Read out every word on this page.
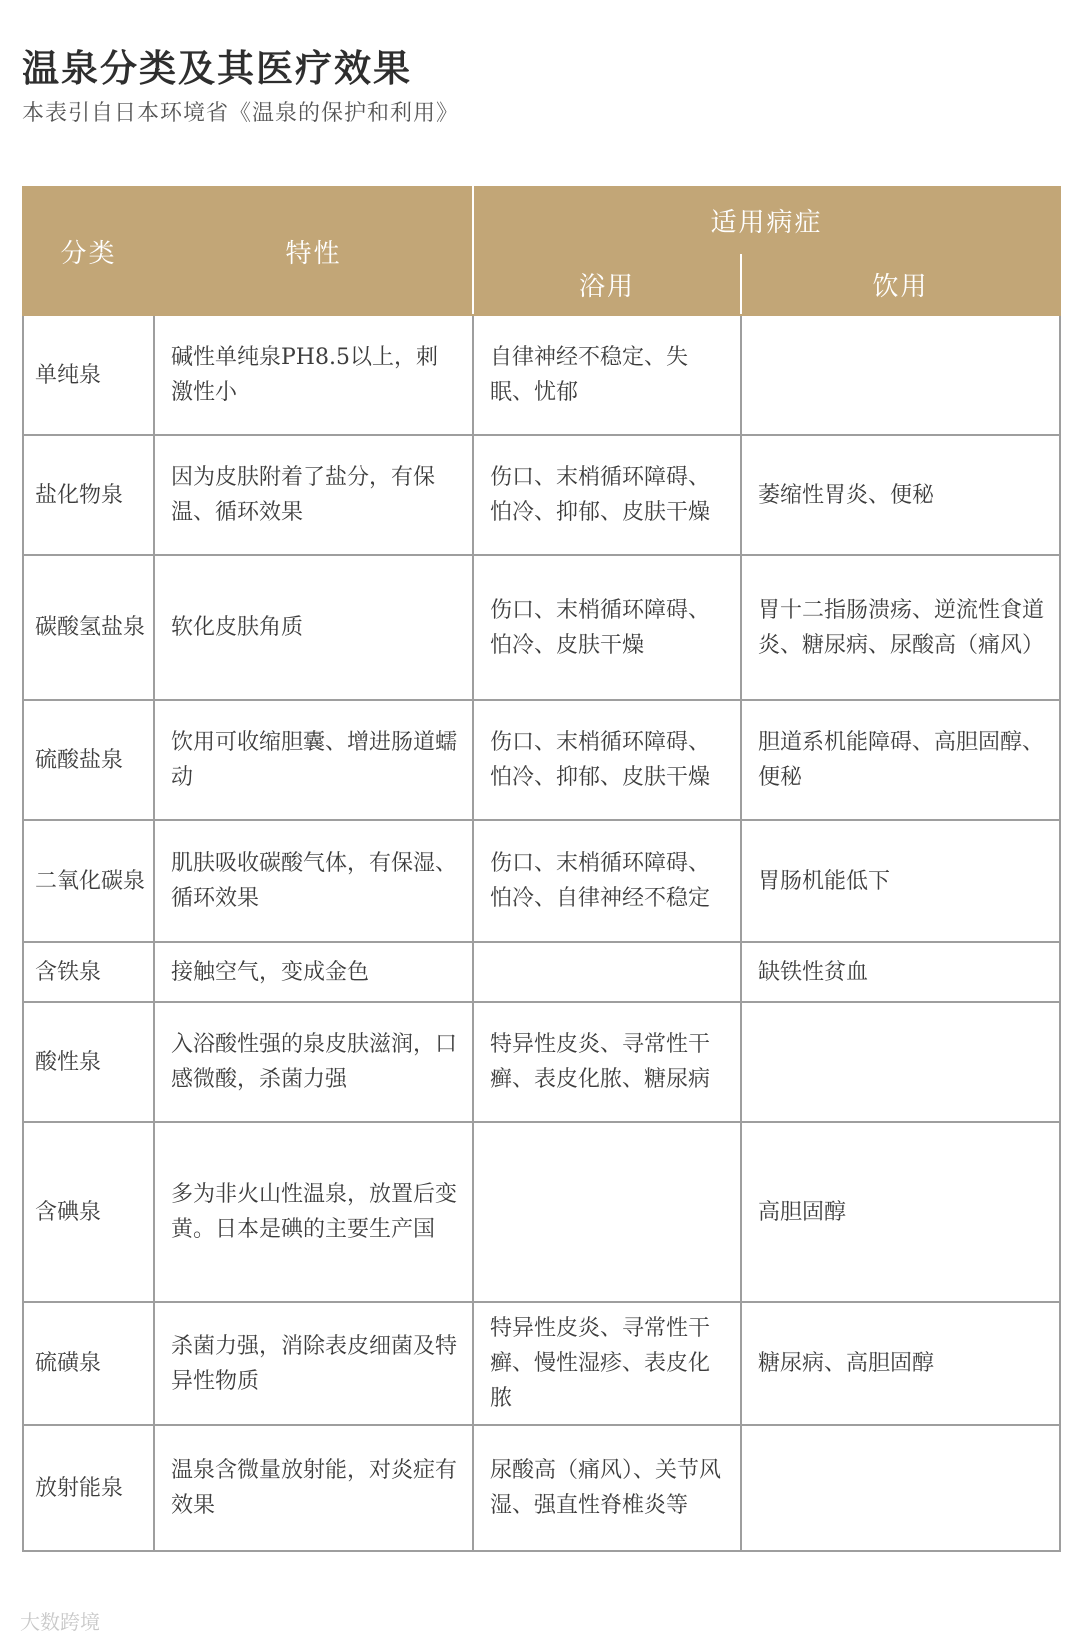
温泉分类及其医疗效果

本表引自日本环境省《温泉的保护和利用》

分类	特性	适用病症	
		浴用	饮用
单纯泉	碱性单纯泉PH8.5以上，刺激性小	自律神经不稳定、失眠、忧郁	
盐化物泉	因为皮肤附着了盐分，有保温、循环效果	伤口、末梢循环障碍、怕冷、抑郁、皮肤干燥	萎缩性胃炎、便秘
碳酸氢盐泉	软化皮肤角质	伤口、末梢循环障碍、怕冷、皮肤干燥	胃十二指肠溃疡、逆流性食道炎、糖尿病、尿酸高（痛风）
硫酸盐泉	饮用可收缩胆囊、增进肠道蠕动	伤口、末梢循环障碍、怕冷、抑郁、皮肤干燥	胆道系机能障碍、高胆固醇、便秘
二氧化碳泉	肌肤吸收碳酸气体，有保湿、循环效果	伤口、末梢循环障碍、怕冷、自律神经不稳定	胃肠机能低下
含铁泉	接触空气，变成金色		缺铁性贫血
酸性泉	入浴酸性强的泉皮肤滋润，口感微酸，杀菌力强	特异性皮炎、寻常性干癣、表皮化脓、糖尿病	
含碘泉	多为非火山性温泉，放置后变黄。日本是碘的主要生产国		高胆固醇
硫磺泉	杀菌力强，消除表皮细菌及特异性物质	特异性皮炎、寻常性干癣、慢性湿疹、表皮化脓	糖尿病、高胆固醇
放射能泉	温泉含微量放射能，对炎症有效果	尿酸高（痛风）、关节风湿、强直性脊椎炎等	
大数跨境
